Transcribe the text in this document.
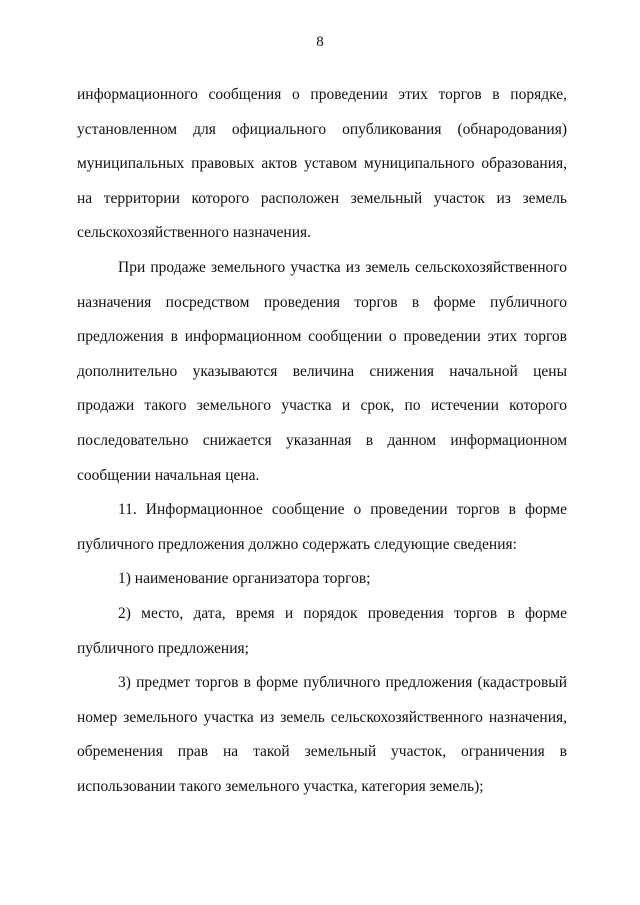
8

информационного сообщения о проведении этих торгов в порядке, установленном для официального опубликования (обнародования) муниципальных правовых актов уставом муниципального образования, на территории которого расположен земельный участок из земель сельскохозяйственного назначения.

При продаже земельного участка из земель сельскохозяйственного назначения посредством проведения торгов в форме публичного предложения в информационном сообщении о проведении этих торгов дополнительно указываются величина снижения начальной цены продажи такого земельного участка и срок, по истечении которого последовательно снижается указанная в данном информационном сообщении начальная цена.

11. Информационное сообщение о проведении торгов в форме публичного предложения должно содержать следующие сведения:

1) наименование организатора торгов;

2) место, дата, время и порядок проведения торгов в форме публичного предложения;

3) предмет торгов в форме публичного предложения (кадастровый номер земельного участка из земель сельскохозяйственного назначения, обременения прав на такой земельный участок, ограничения в использовании такого земельного участка, категория земель);
